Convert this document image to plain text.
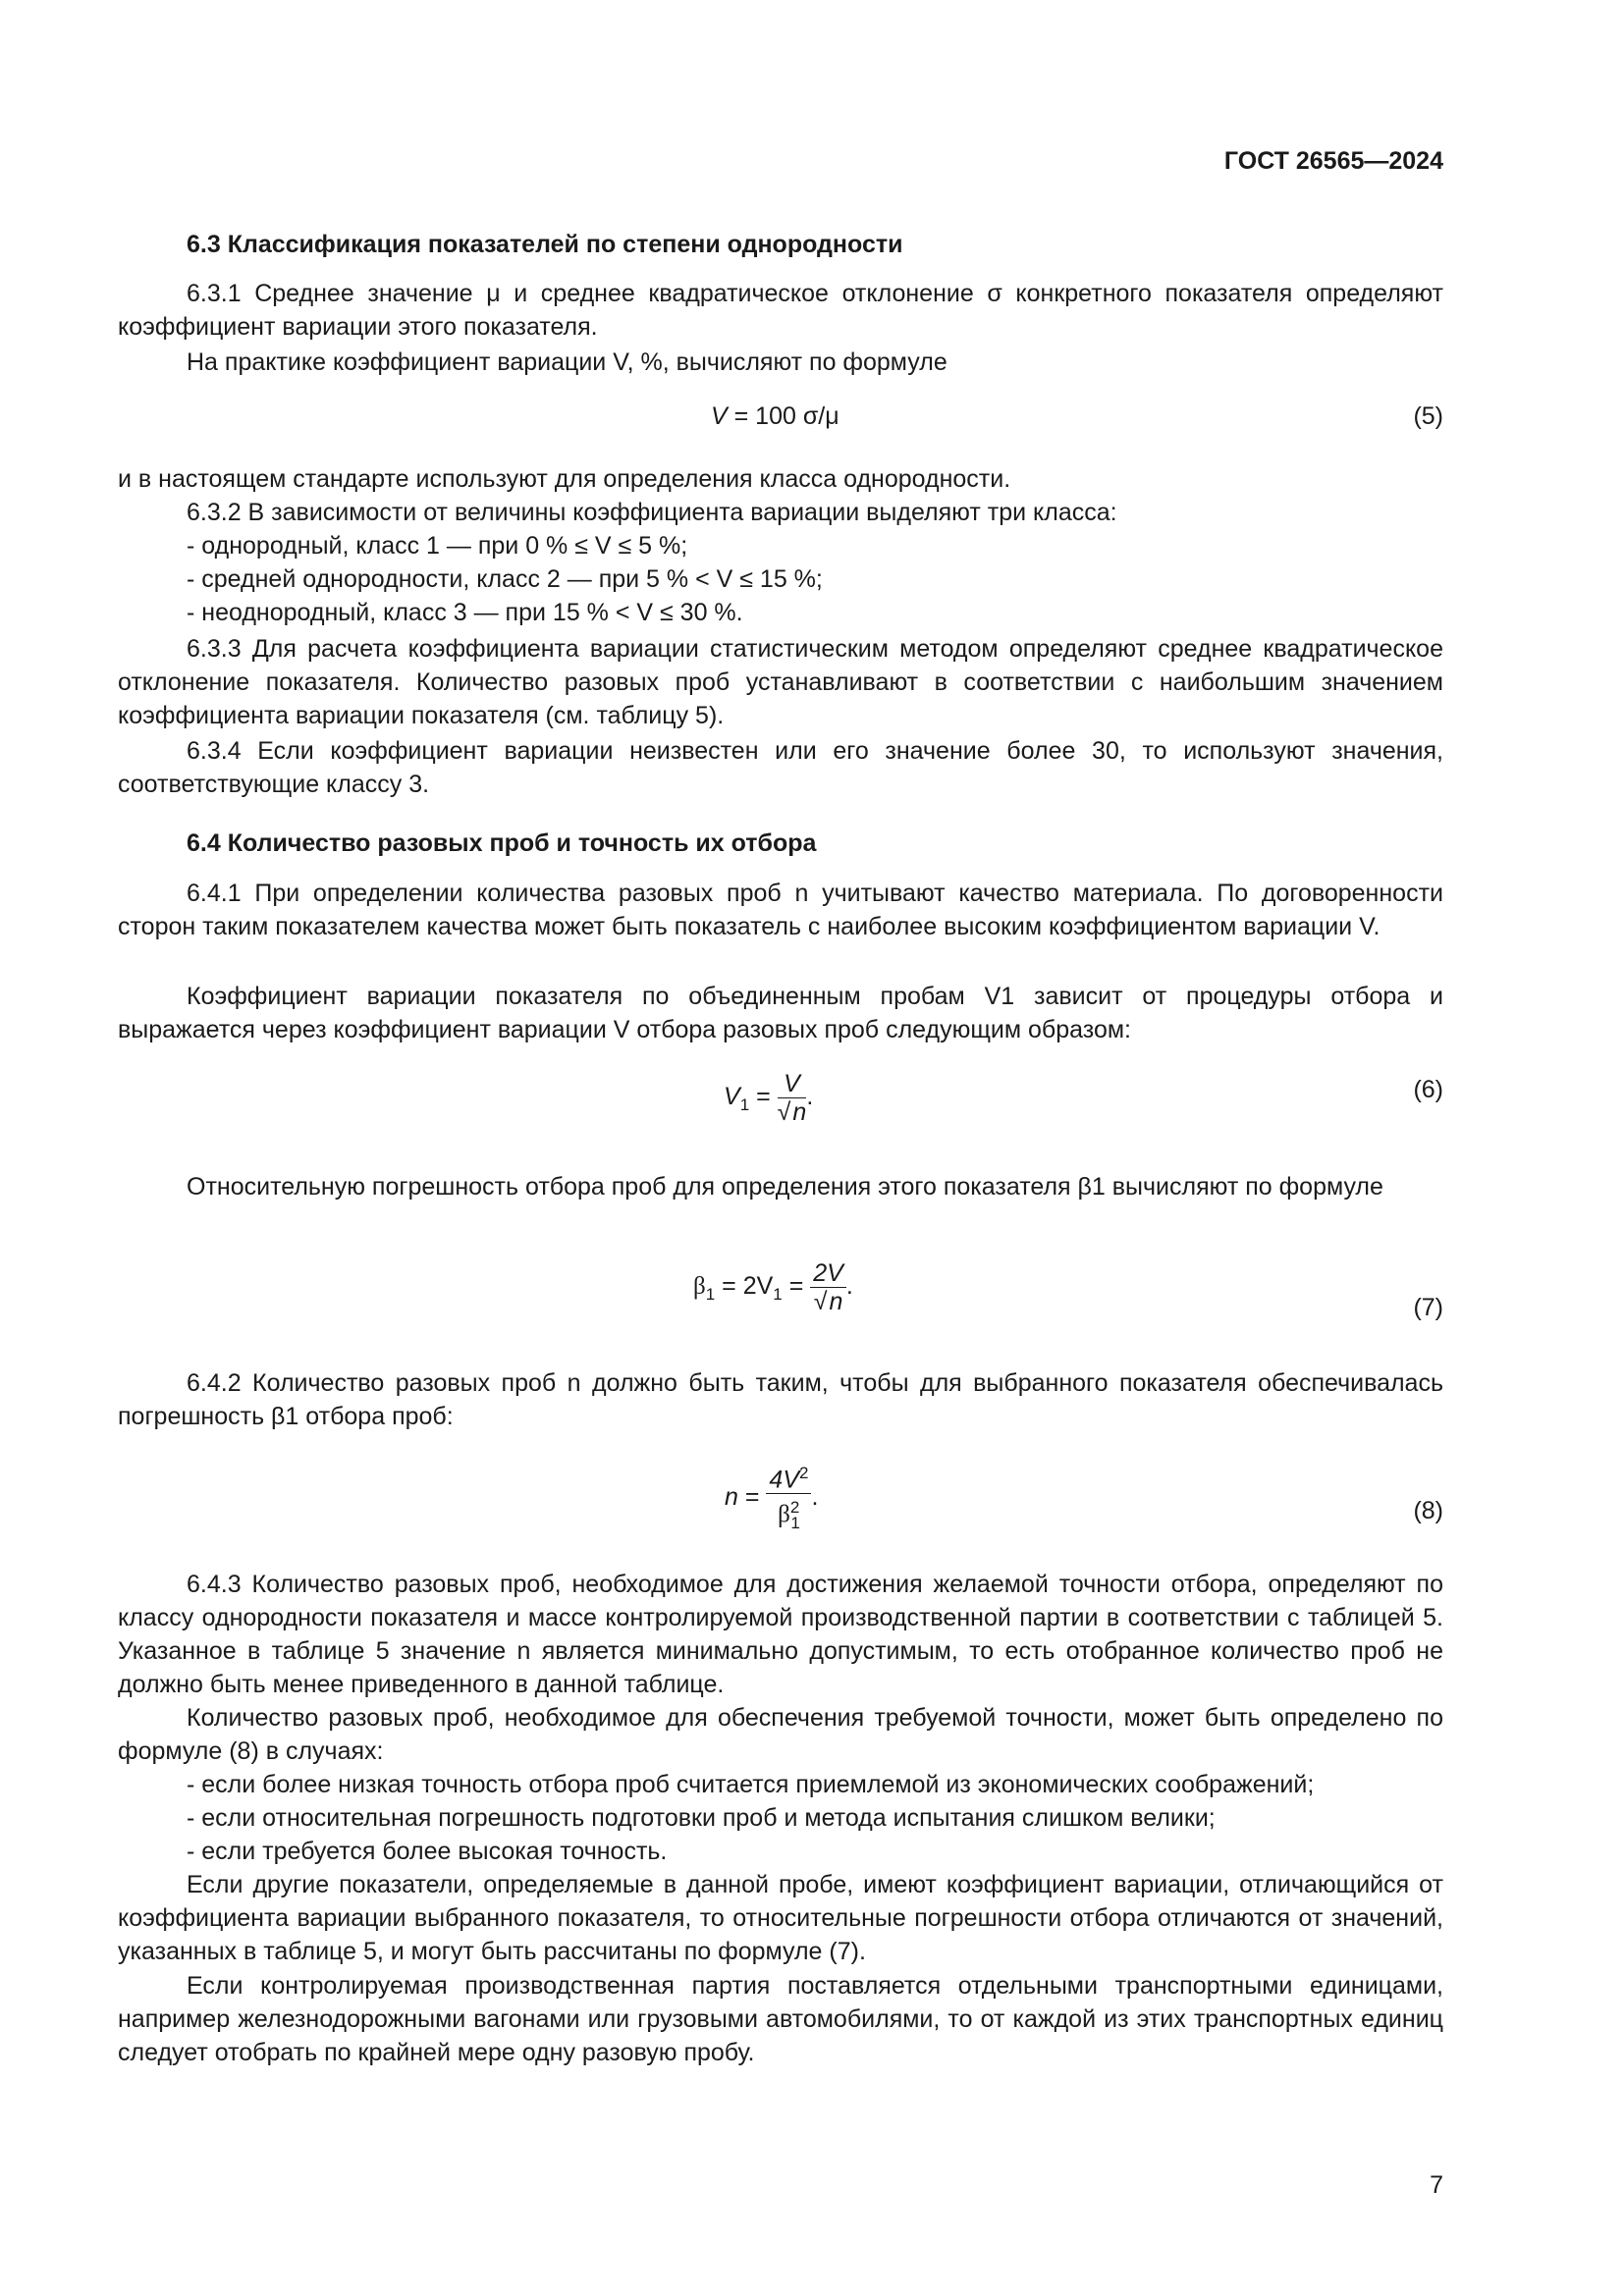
ГОСТ 26565—2024
6.3 Классификация показателей по степени однородности
6.3.1 Среднее значение μ и среднее квадратическое отклонение σ конкретного показателя определяют коэффициент вариации этого показателя.
На практике коэффициент вариации V, %, вычисляют по формуле
V = 100 σ/μ	(5)
и в настоящем стандарте используют для определения класса однородности.
6.3.2 В зависимости от величины коэффициента вариации выделяют три класса:
- однородный, класс 1 — при 0 % ≤ V ≤ 5 %;
- средней однородности, класс 2 — при 5 % < V ≤ 15 %;
- неоднородный, класс 3 — при 15 % < V ≤ 30 %.
6.3.3 Для расчета коэффициента вариации статистическим методом определяют среднее квадратическое отклонение показателя. Количество разовых проб устанавливают в соответствии с наибольшим значением коэффициента вариации показателя (см. таблицу 5).
6.3.4 Если коэффициент вариации неизвестен или его значение более 30, то используют значения, соответствующие классу 3.
6.4 Количество разовых проб и точность их отбора
6.4.1 При определении количества разовых проб n учитывают качество материала. По договоренности сторон таким показателем качества может быть показатель с наиболее высоким коэффициентом вариации V.
Коэффициент вариации показателя по объединенным пробам V1 зависит от процедуры отбора и выражается через коэффициент вариации V отбора разовых проб следующим образом:
$V_1 = \frac{V}{√n}$ .	(6)
Относительную погрешность отбора проб для определения этого показателя β1 вычисляют по формуле
$\beta_1 = 2V_1 = \frac{2V}{√n}$ .
(7)
6.4.2 Количество разовых проб n должно быть таким, чтобы для выбранного показателя обеспечивалась погрешность β1 отбора проб:
$n = \frac{4V^2}{\beta^2_1}$ .
(8)
6.4.3 Количество разовых проб, необходимое для достижения желаемой точности отбора, определяют по классу однородности показателя и массе контролируемой производственной партии в соответствии с таблицей 5. Указанное в таблице 5 значение n является минимально допустимым, то есть отобранное количество проб не должно быть менее приведенного в данной таблице.
Количество разовых проб, необходимое для обеспечения требуемой точности, может быть определено по формуле (8) в случаях:
- если более низкая точность отбора проб считается приемлемой из экономических соображений;
- если относительная погрешность подготовки проб и метода испытания слишком велики;
- если требуется более высокая точность.
Если другие показатели, определяемые в данной пробе, имеют коэффициент вариации, отличающийся от коэффициента вариации выбранного показателя, то относительные погрешности отбора отличаются от значений, указанных в таблице 5, и могут быть рассчитаны по формуле (7).
Если контролируемая производственная партия поставляется отдельными транспортными единицами, например железнодорожными вагонами или грузовыми автомобилями, то от каждой из этих транспортных единиц следует отобрать по крайней мере одну разовую пробу.
7
